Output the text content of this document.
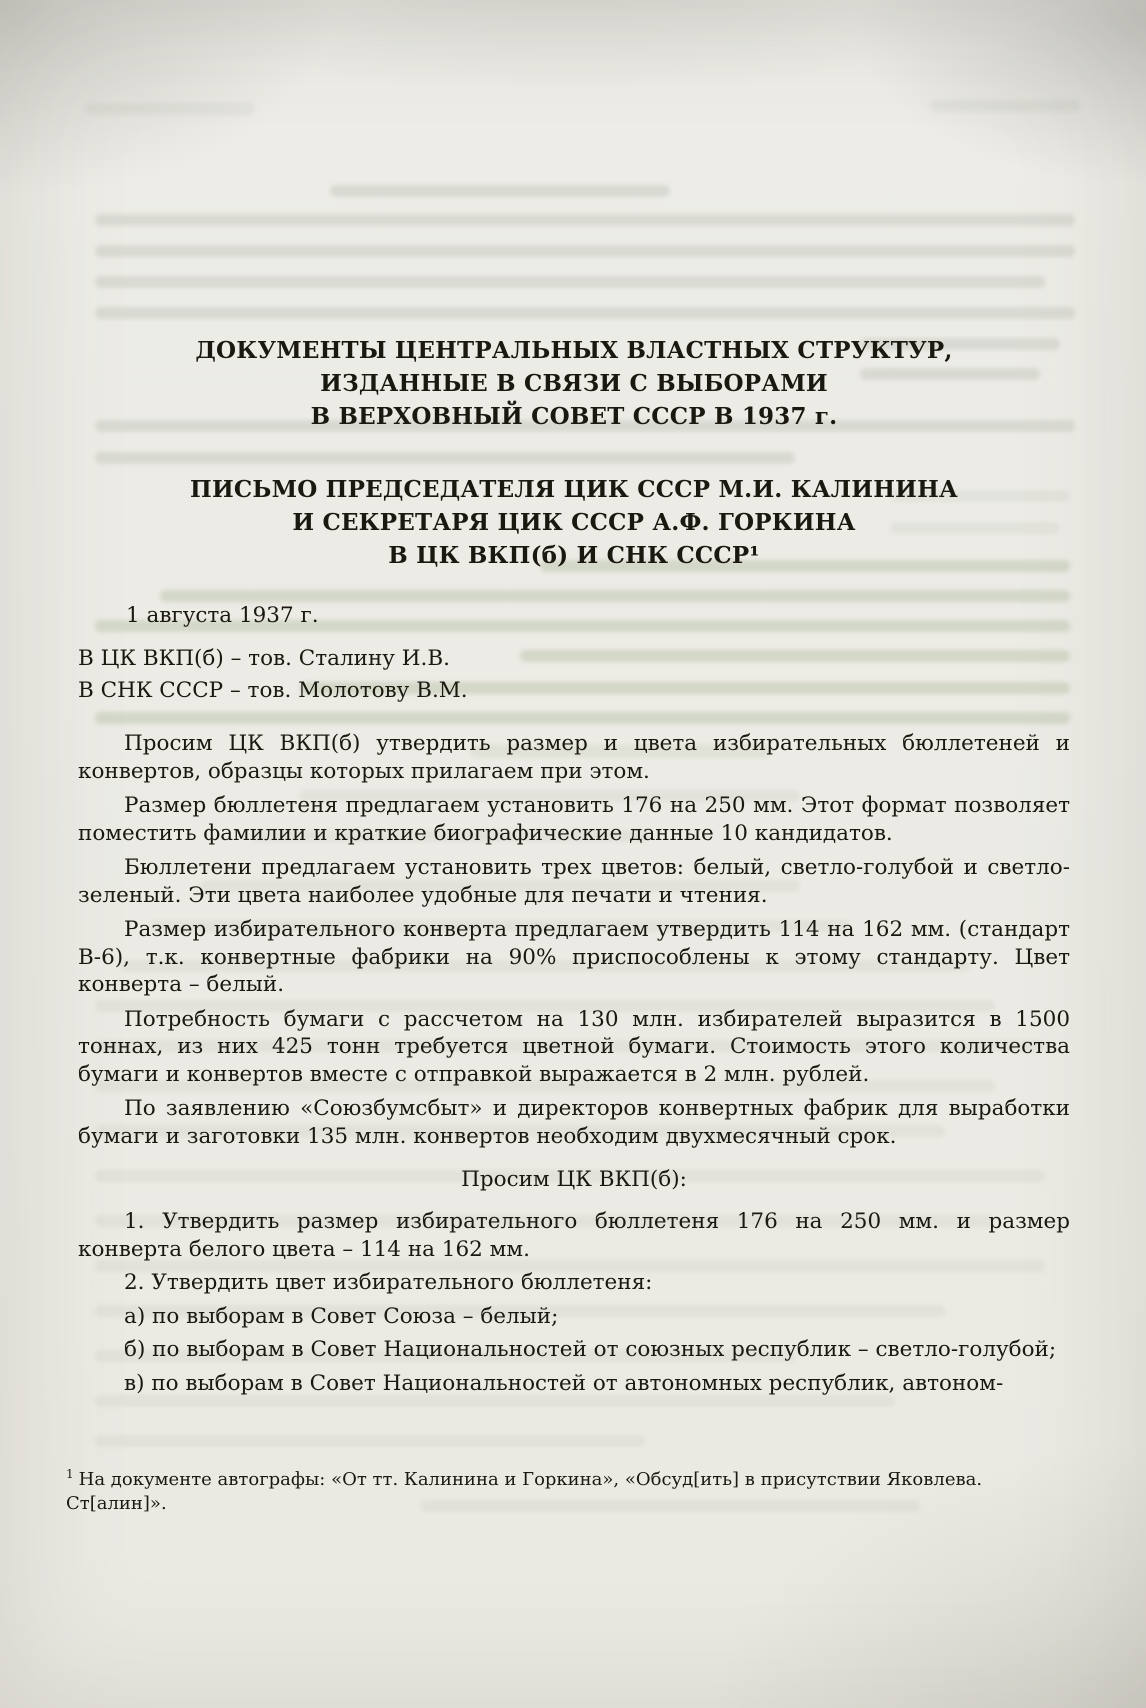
ДОКУМЕНТЫ ЦЕНТРАЛЬНЫХ ВЛАСТНЫХ СТРУКТУР,
ИЗДАННЫЕ В СВЯЗИ С ВЫБОРАМИ
В ВЕРХОВНЫЙ СОВЕТ СССР В 1937 г.
ПИСЬМО ПРЕДСЕДАТЕЛЯ ЦИК СССР М.И. КАЛИНИНА
И СЕКРЕТАРЯ ЦИК СССР А.Ф. ГОРКИНА
В ЦК ВКП(б) И СНК СССР¹

1 августа 1937 г.

В ЦК ВКП(б) – тов. Сталину И.В.

В СНК СССР – тов. Молотову В.М.

Просим ЦК ВКП(б) утвердить размер и цвета избирательных бюллетеней и конвертов, образцы которых прилагаем при этом.

Размер бюллетеня предлагаем установить 176 на 250 мм. Этот формат позволяет поместить фамилии и краткие биографические данные 10 кандидатов.

Бюллетени предлагаем установить трех цветов: белый, светло-голубой и светло-зеленый. Эти цвета наиболее удобные для печати и чтения.

Размер избирательного конверта предлагаем утвердить 114 на 162 мм. (стандарт В-6), т.к. конвертные фабрики на 90% приспособлены к этому стандарту. Цвет конверта – белый.

Потребность бумаги с рассчетом на 130 млн. избирателей выразится в 1500 тоннах, из них 425 тонн требуется цветной бумаги. Стоимость этого количества бумаги и конвертов вместе с отправкой выражается в 2 млн. рублей.

По заявлению «Союзбумсбыт» и директоров конвертных фабрик для выработки бумаги и заготовки 135 млн. конвертов необходим двухмесячный срок.

Просим ЦК ВКП(б):

1. Утвердить размер избирательного бюллетеня 176 на 250 мм. и размер конверта белого цвета – 114 на 162 мм.

2. Утвердить цвет избирательного бюллетеня:

а) по выборам в Совет Союза – белый;

б) по выборам в Совет Национальностей от союзных республик – светло-голубой;

в) по выборам в Совет Национальностей от автономных республик, автоном-

$^1$ На документе автографы: «От тт. Калинина и Горкина», «Обсуд[ить] в присутствии Яковлева. Ст[алин]».
